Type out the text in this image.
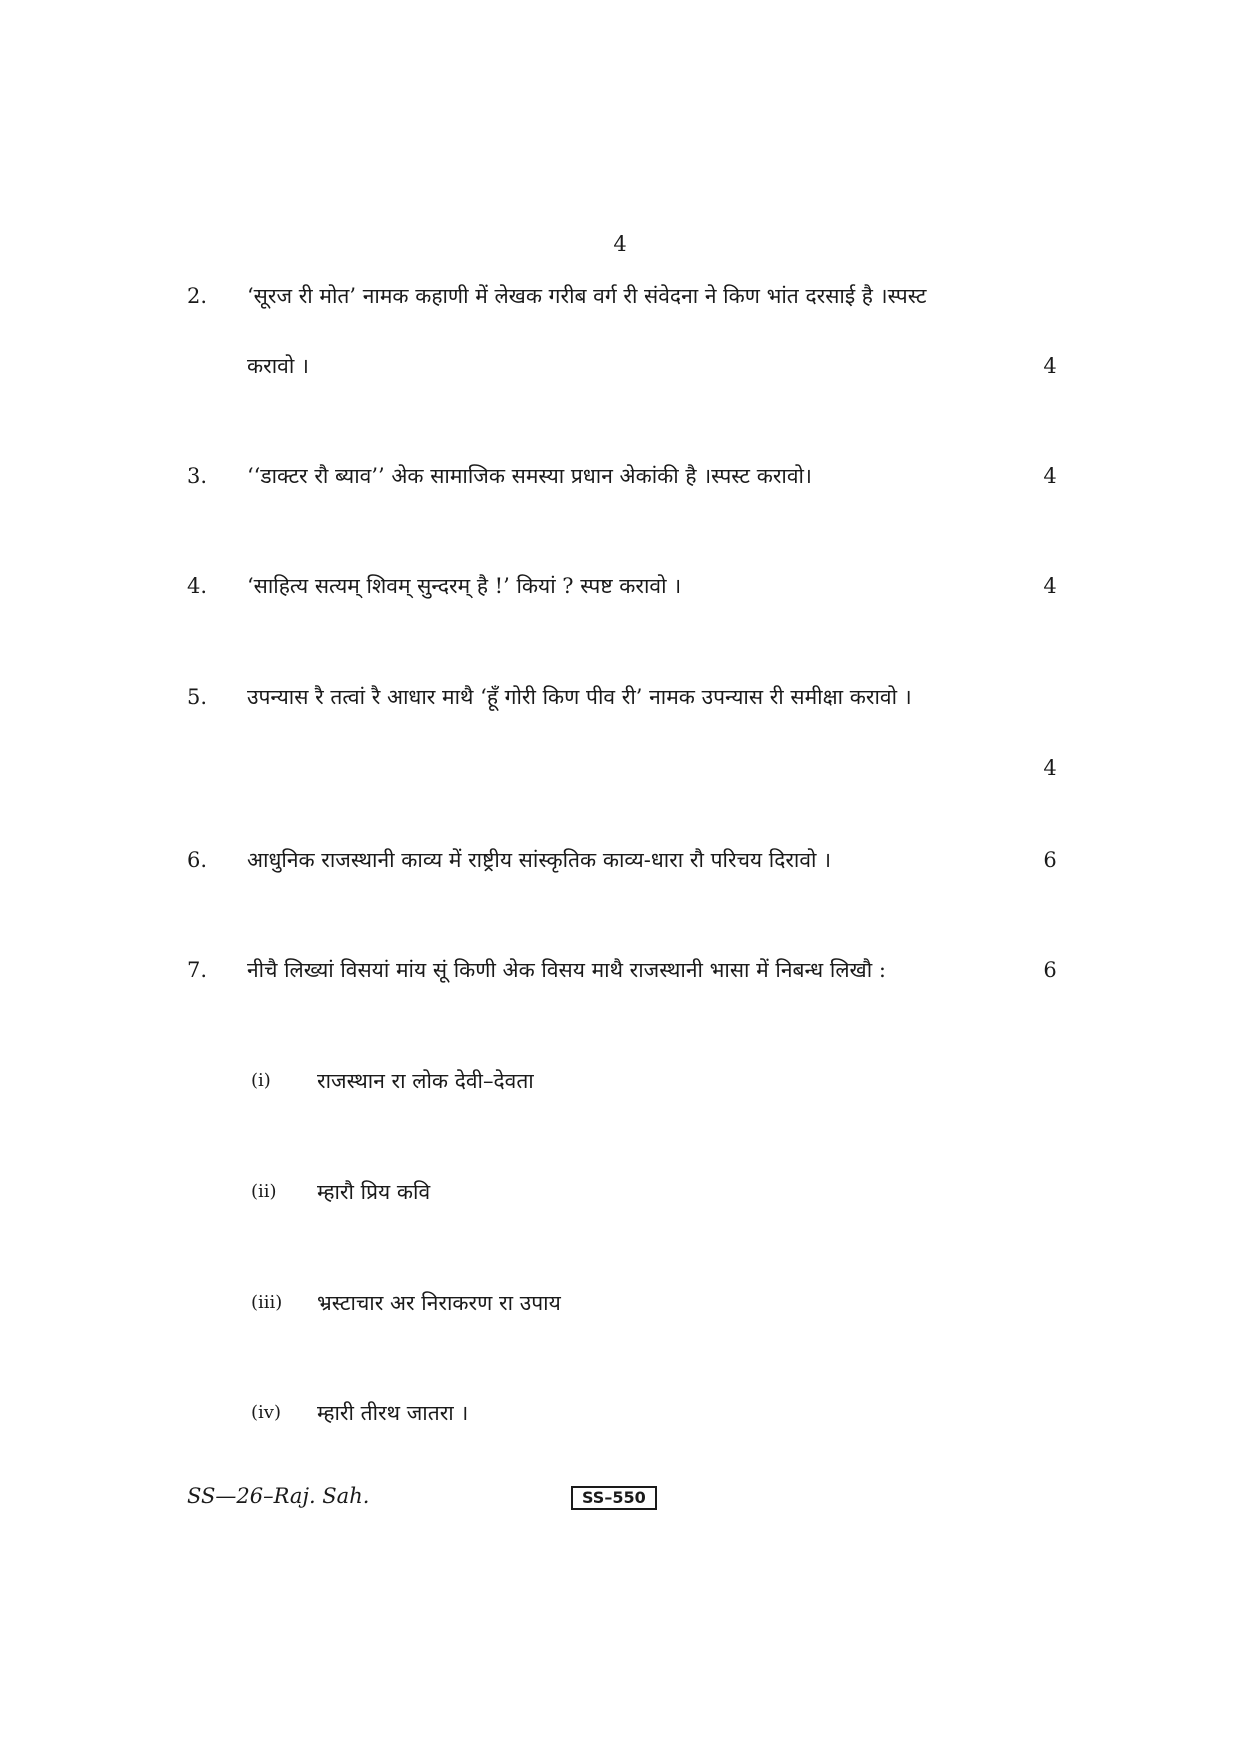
4
2. ‘सूरज री मोत’ नामक कहाणी में लेखक गरीब वर्ग री संवेदना ने किण भांत दरसाई है ।स्पस्ट
करावो ।	4
3. ‘‘डाक्टर रौ ब्याव’’ अेक सामाजिक समस्या प्रधान अेकांकी है ।स्पस्ट करावो।	4
4. ‘साहित्य सत्यम् शिवम् सुन्दरम् है !’ कियां ? स्पष्ट करावो ।	4
5. उपन्यास रै तत्वां रै आधार माथै ‘हूँ गोरी किण पीव री’ नामक उपन्यास री समीक्षा करावो ।
4
6. आधुनिक राजस्थानी काव्य में राष्ट्रीय सांस्कृतिक काव्य-धारा रौ परिचय दिरावो ।	6
7. नीचै लिख्यां विसयां मांय सूं किणी अेक विसय माथै राजस्थानी भासा में निबन्ध लिखौ :	6
(i) राजस्थान रा लोक देवी–देवता
(ii) म्हारौ प्रिय कवि
(iii) भ्रस्टाचार अर निराकरण रा उपाय
(iv) म्हारी तीरथ जातरा ।
SS—26–Raj. Sah.	SS–550
